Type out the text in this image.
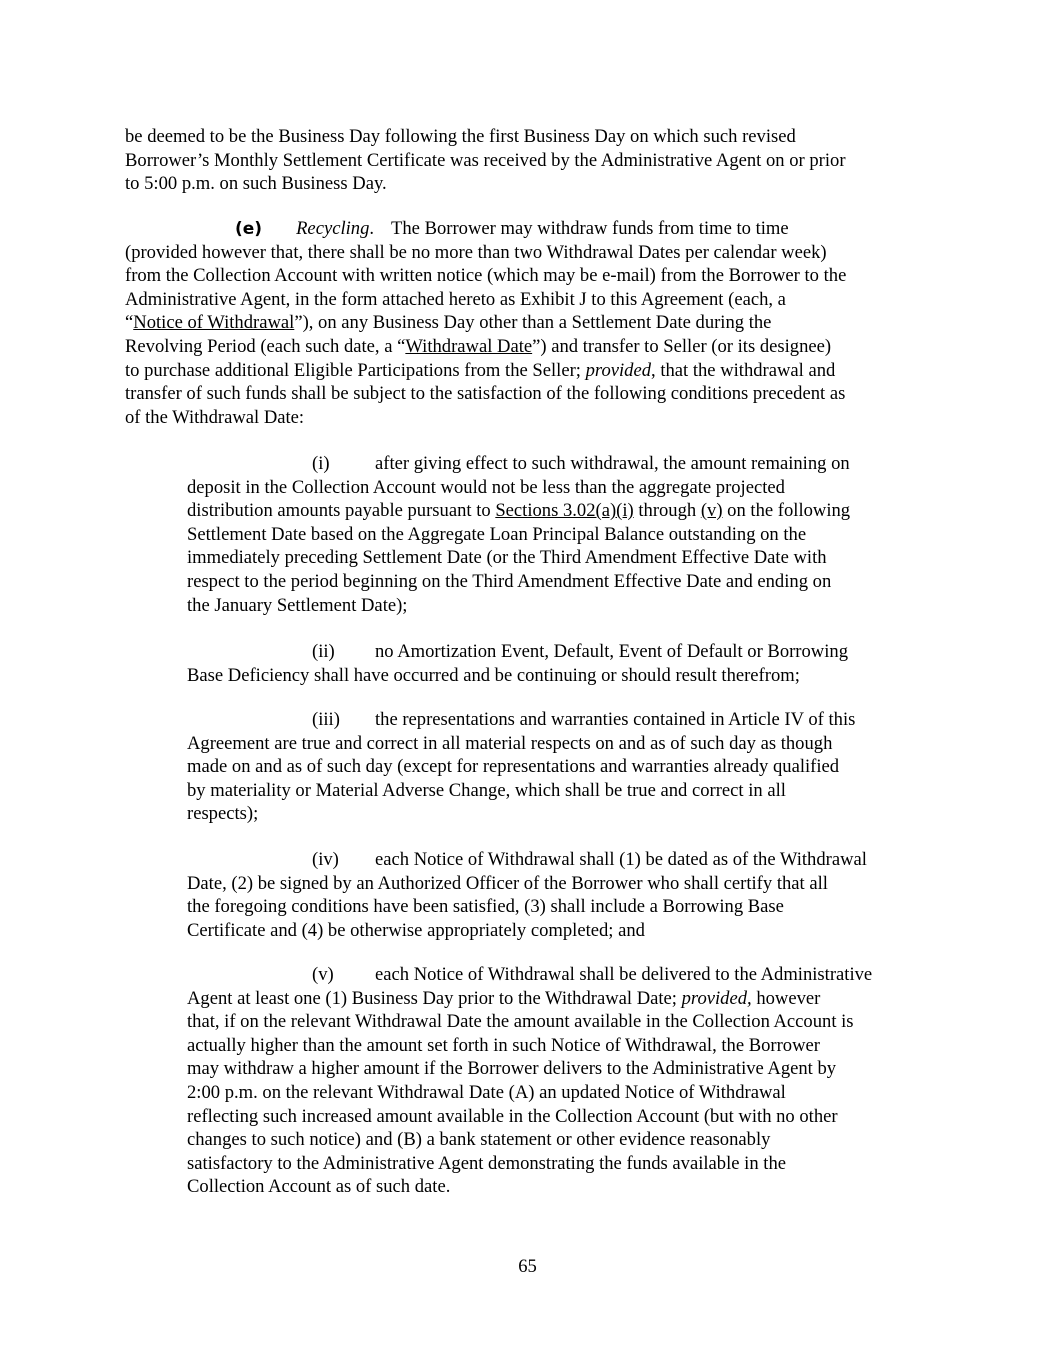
be deemed to be the Business Day following the first Business Day on which such revised
Borrower’s Monthly Settlement Certificate was received by the Administrative Agent on or prior
to 5:00 p.m. on such Business Day.

(e) Recycling. The Borrower may withdraw funds from time to time
(provided however that, there shall be no more than two Withdrawal Dates per calendar week)
from the Collection Account with written notice (which may be e-mail) from the Borrower to the
Administrative Agent, in the form attached hereto as Exhibit J to this Agreement (each, a
“Notice of Withdrawal”), on any Business Day other than a Settlement Date during the
Revolving Period (each such date, a “Withdrawal Date”) and transfer to Seller (or its designee)
to purchase additional Eligible Participations from the Seller; provided, that the withdrawal and
transfer of such funds shall be subject to the satisfaction of the following conditions precedent as
of the Withdrawal Date:

(i) after giving effect to such withdrawal, the amount remaining on
deposit in the Collection Account would not be less than the aggregate projected
distribution amounts payable pursuant to Sections 3.02(a)(i) through (v) on the following
Settlement Date based on the Aggregate Loan Principal Balance outstanding on the
immediately preceding Settlement Date (or the Third Amendment Effective Date with
respect to the period beginning on the Third Amendment Effective Date and ending on
the January Settlement Date);

(ii) no Amortization Event, Default, Event of Default or Borrowing
Base Deficiency shall have occurred and be continuing or should result therefrom;

(iii) the representations and warranties contained in Article IV of this
Agreement are true and correct in all material respects on and as of such day as though
made on and as of such day (except for representations and warranties already qualified
by materiality or Material Adverse Change, which shall be true and correct in all
respects);

(iv) each Notice of Withdrawal shall (1) be dated as of the Withdrawal
Date, (2) be signed by an Authorized Officer of the Borrower who shall certify that all
the foregoing conditions have been satisfied, (3) shall include a Borrowing Base
Certificate and (4) be otherwise appropriately completed; and

(v) each Notice of Withdrawal shall be delivered to the Administrative
Agent at least one (1) Business Day prior to the Withdrawal Date; provided, however
that, if on the relevant Withdrawal Date the amount available in the Collection Account is
actually higher than the amount set forth in such Notice of Withdrawal, the Borrower
may withdraw a higher amount if the Borrower delivers to the Administrative Agent by
2:00 p.m. on the relevant Withdrawal Date (A) an updated Notice of Withdrawal
reflecting such increased amount available in the Collection Account (but with no other
changes to such notice) and (B) a bank statement or other evidence reasonably
satisfactory to the Administrative Agent demonstrating the funds available in the
Collection Account as of such date.

65
